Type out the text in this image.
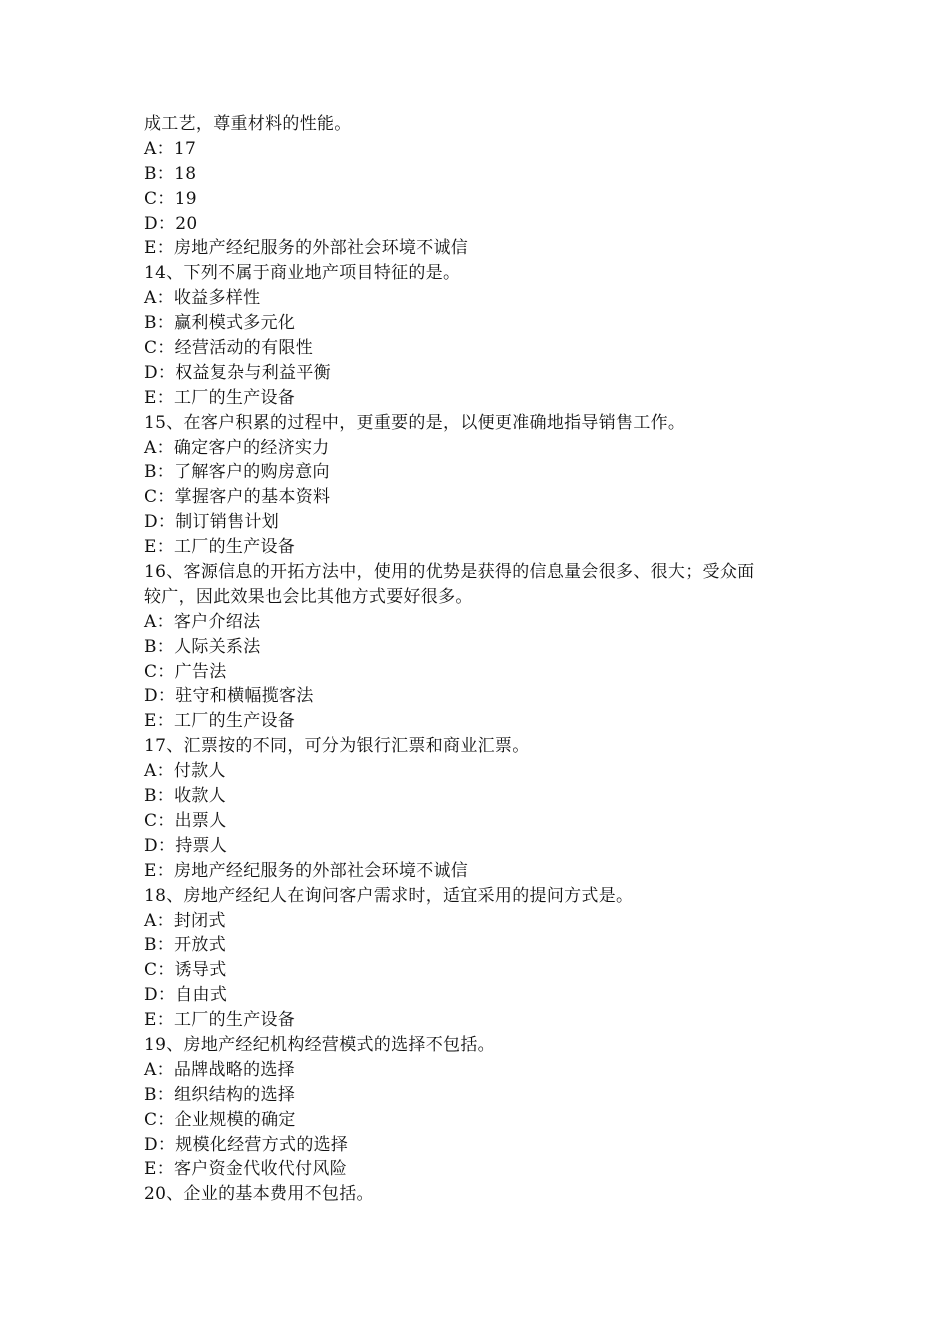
成工艺，尊重材料的性能。
A：17
B：18
C：19
D：20
E：房地产经纪服务的外部社会环境不诚信
14、下列不属于商业地产项目特征的是。
A：收益多样性
B：赢利模式多元化
C：经营活动的有限性
D：权益复杂与利益平衡
E：工厂的生产设备
15、在客户积累的过程中，更重要的是，以便更准确地指导销售工作。
A：确定客户的经济实力
B：了解客户的购房意向
C：掌握客户的基本资料
D：制订销售计划
E：工厂的生产设备
16、客源信息的开拓方法中，使用的优势是获得的信息量会很多、很大；受众面
较广，因此效果也会比其他方式要好很多。
A：客户介绍法
B：人际关系法
C：广告法
D：驻守和横幅揽客法
E：工厂的生产设备
17、汇票按的不同，可分为银行汇票和商业汇票。
A：付款人
B：收款人
C：出票人
D：持票人
E：房地产经纪服务的外部社会环境不诚信
18、房地产经纪人在询问客户需求时，适宜采用的提问方式是。
A：封闭式
B：开放式
C：诱导式
D：自由式
E：工厂的生产设备
19、房地产经纪机构经营模式的选择不包括。
A：品牌战略的选择
B：组织结构的选择
C：企业规模的确定
D：规模化经营方式的选择
E：客户资金代收代付风险
20、企业的基本费用不包括。
